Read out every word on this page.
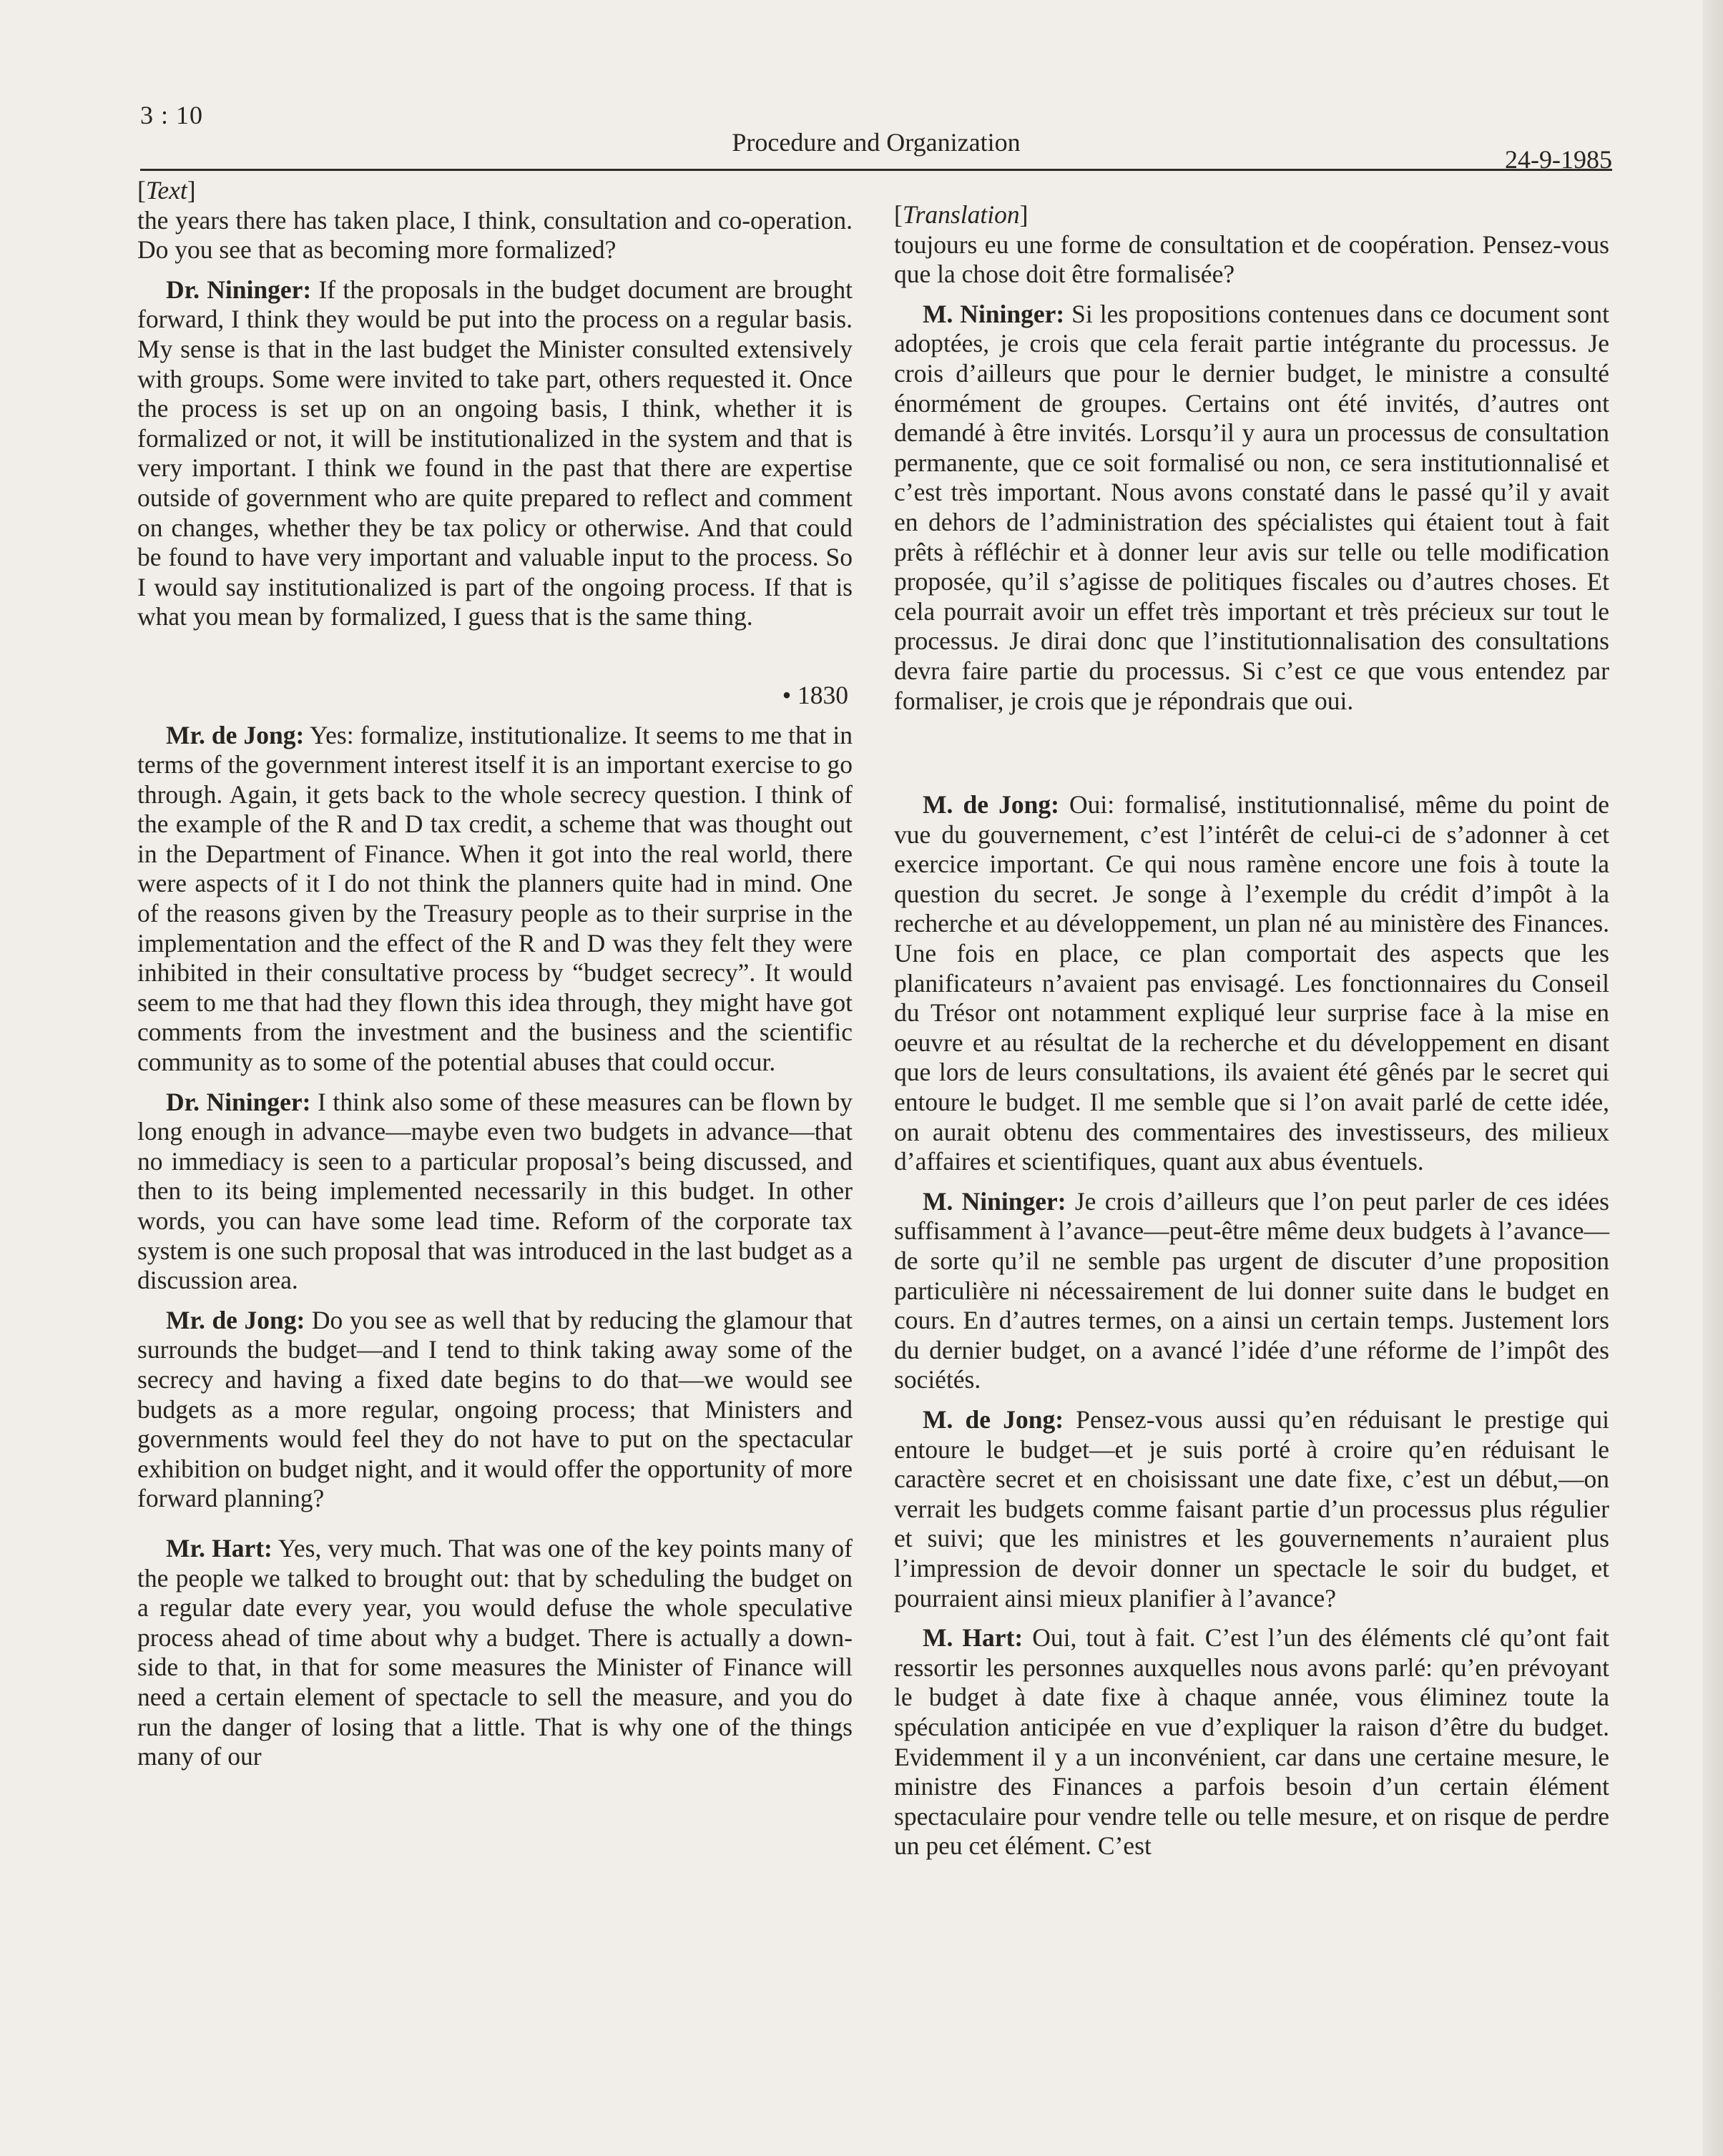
3 : 10
Procedure and Organization
24-9-1985
[ Text ]

the years there has taken place, I think, consultation and co-operation. Do you see that as becoming more formalized?

Dr. Nininger: If the proposals in the budget document are brought forward, I think they would be put into the process on a regular basis. My sense is that in the last budget the Minister consulted extensively with groups. Some were invited to take part, others requested it. Once the process is set up on an ongoing basis, I think, whether it is formalized or not, it will be institutionalized in the system and that is very important. I think we found in the past that there are expertise outside of government who are quite prepared to reflect and comment on changes, whether they be tax policy or otherwise. And that could be found to have very important and valuable input to the process. So I would say institutionalized is part of the ongoing process. If that is what you mean by formalized, I guess that is the same thing.

• 1830

Mr. de Jong: Yes: formalize, institutionalize. It seems to me that in terms of the government interest itself it is an important exercise to go through. Again, it gets back to the whole secrecy question. I think of the example of the R and D tax credit, a scheme that was thought out in the Department of Finance. When it got into the real world, there were aspects of it I do not think the planners quite had in mind. One of the reasons given by the Treasury people as to their surprise in the implementation and the effect of the R and D was they felt they were inhibited in their consultative process by “budget secrecy”. It would seem to me that had they flown this idea through, they might have got comments from the investment and the business and the scientific community as to some of the potential abuses that could occur.

Dr. Nininger: I think also some of these measures can be flown by long enough in advance—maybe even two budgets in advance—that no immediacy is seen to a particular proposal’s being discussed, and then to its being implemented necessarily in this budget. In other words, you can have some lead time. Reform of the corporate tax system is one such proposal that was introduced in the last budget as a discussion area.

Mr. de Jong: Do you see as well that by reducing the glamour that surrounds the budget—and I tend to think taking away some of the secrecy and having a fixed date begins to do that—we would see budgets as a more regular, ongoing process; that Ministers and governments would feel they do not have to put on the spectacular exhibition on budget night, and it would offer the opportunity of more forward planning?

Mr. Hart: Yes, very much. That was one of the key points many of the people we talked to brought out: that by scheduling the budget on a regular date every year, you would defuse the whole speculative process ahead of time about why a budget. There is actually a down-side to that, in that for some measures the Minister of Finance will need a certain element of spectacle to sell the measure, and you do run the danger of losing that a little. That is why one of the things many of our

[ Translation ]

toujours eu une forme de consultation et de coopération. Pensez-vous que la chose doit être formalisée?

M. Nininger: Si les propositions contenues dans ce document sont adoptées, je crois que cela ferait partie intégrante du processus. Je crois d’ailleurs que pour le dernier budget, le ministre a consulté énormément de groupes. Certains ont été invités, d’autres ont demandé à être invités. Lorsqu’il y aura un processus de consultation permanente, que ce soit formalisé ou non, ce sera institutionnalisé et c’est très important. Nous avons constaté dans le passé qu’il y avait en dehors de l’administration des spécialistes qui étaient tout à fait prêts à réfléchir et à donner leur avis sur telle ou telle modification proposée, qu’il s’agisse de politiques fiscales ou d’autres choses. Et cela pourrait avoir un effet très important et très précieux sur tout le processus. Je dirai donc que l’institutionnalisation des consultations devra faire partie du processus. Si c’est ce que vous entendez par formaliser, je crois que je répondrais que oui.

M. de Jong: Oui: formalisé, institutionnalisé, même du point de vue du gouvernement, c’est l’intérêt de celui-ci de s’adonner à cet exercice important. Ce qui nous ramène encore une fois à toute la question du secret. Je songe à l’exemple du crédit d’impôt à la recherche et au développement, un plan né au ministère des Finances. Une fois en place, ce plan comportait des aspects que les planificateurs n’avaient pas envisagé. Les fonctionnaires du Conseil du Trésor ont notamment expliqué leur surprise face à la mise en oeuvre et au résultat de la recherche et du développement en disant que lors de leurs consultations, ils avaient été gênés par le secret qui entoure le budget. Il me semble que si l’on avait parlé de cette idée, on aurait obtenu des commentaires des investisseurs, des milieux d’affaires et scientifiques, quant aux abus éventuels.

M. Nininger: Je crois d’ailleurs que l’on peut parler de ces idées suffisamment à l’avance—peut-être même deux budgets à l’avance—de sorte qu’il ne semble pas urgent de discuter d’une proposition particulière ni nécessairement de lui donner suite dans le budget en cours. En d’autres termes, on a ainsi un certain temps. Justement lors du dernier budget, on a avancé l’idée d’une réforme de l’impôt des sociétés.

M. de Jong: Pensez-vous aussi qu’en réduisant le prestige qui entoure le budget—et je suis porté à croire qu’en réduisant le caractère secret et en choisissant une date fixe, c’est un début,—on verrait les budgets comme faisant partie d’un processus plus régulier et suivi; que les ministres et les gouvernements n’auraient plus l’impression de devoir donner un spectacle le soir du budget, et pourraient ainsi mieux planifier à l’avance?

M. Hart: Oui, tout à fait. C’est l’un des éléments clé qu’ont fait ressortir les personnes auxquelles nous avons parlé: qu’en prévoyant le budget à date fixe à chaque année, vous éliminez toute la spéculation anticipée en vue d’expliquer la raison d’être du budget. Evidemment il y a un inconvénient, car dans une certaine mesure, le ministre des Finances a parfois besoin d’un certain élément spectaculaire pour vendre telle ou telle mesure, et on risque de perdre un peu cet élément. C’est
